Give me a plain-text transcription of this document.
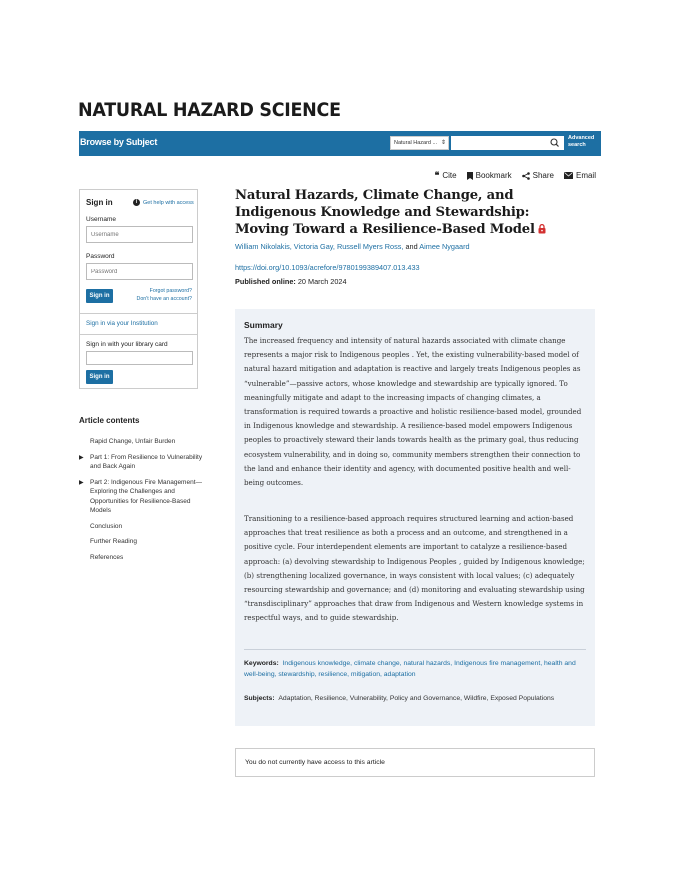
NATURAL HAZARD SCIENCE
Browse by Subject	Natural Hazard ... ⇕
Advanced
search
❝ Cite Bookmark	Share	Email
Sign in	i	Get help with access
Username
Username
Password
Sign in
Forgot password?
Don't have an account?
Sign in via your Institution
Sign in with your library card
Sign in
Article contents
Rapid Change, Unfair Burden
▶ Part 1: From Resilience to Vulnerability and Back Again
▶ Part 2: Indigenous Fire Management—Exploring the Challenges and Opportunities for Resilience-Based Models
Conclusion
Further Reading
References
Natural Hazards, Climate Change, and Indigenous Knowledge and Stewardship: Moving Toward a Resilience-Based Model
William Nikolakis, Victoria Gay, Russell Myers Ross, and Aimee Nygaard
https://doi.org/10.1093/acrefore/9780199389407.013.433
Published online: 20 March 2024
Summary
The increased frequency and intensity of natural hazards associated with climate change represents a major risk to Indigenous peoples . Yet, the existing vulnerability-based model of natural hazard mitigation and adaptation is reactive and largely treats Indigenous peoples as “vulnerable”—passive actors, whose knowledge and stewardship are typically ignored. To meaningfully mitigate and adapt to the increasing impacts of changing climates, a transformation is required towards a proactive and holistic resilience-based model, grounded in Indigenous knowledge and stewardship. A resilience-based model empowers Indigenous peoples to proactively steward their lands towards health as the primary goal, thus reducing ecosystem vulnerability, and in doing so, community members strengthen their connection to the land and enhance their identity and agency, with documented positive health and well-being outcomes.
Transitioning to a resilience-based approach requires structured learning and action-based approaches that treat resilience as both a process and an outcome, and strengthened in a positive cycle. Four interdependent elements are important to catalyze a resilience-based approach: (a) devolving stewardship to Indigenous Peoples , guided by Indigenous knowledge; (b) strengthening localized governance, in ways consistent with local values; (c) adequately resourcing stewardship and governance; and (d) monitoring and evaluating stewardship using “transdisciplinary” approaches that draw from Indigenous and Western knowledge systems in respectful ways, and to guide stewardship.
Keywords: Indigenous knowledge, climate change, natural hazards, Indigenous fire management, health and well-being, stewardship, resilience, mitigation, adaptation
Subjects: Adaptation, Resilience, Vulnerability, Policy and Governance, Wildfire, Exposed Populations
You do not currently have access to this article
